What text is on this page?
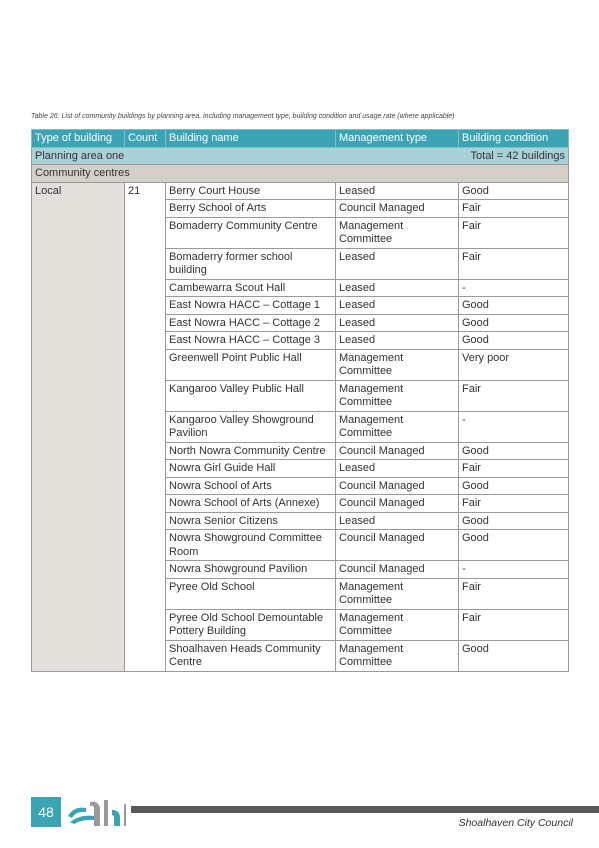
Table 26: List of community buildings by planning area, including management type, building condition and usage rate (where applicable)
Type of building	Count	Building name	Management type	Building condition
Planning area one Total = 42 buildings				

Community centres				
Local	21	Berry Court House	Leased	Good
		Berry School of Arts	Council Managed	Fair
		Bomaderry Community Centre	Management Committee	Fair
		Bomaderry former school building	Leased	Fair
		Cambewarra Scout Hall	Leased	-
		East Nowra HACC – Cottage 1	Leased	Good
		East Nowra HACC – Cottage 2	Leased	Good
		East Nowra HACC – Cottage 3	Leased	Good
		Greenwell Point Public Hall	Management Committee	Very poor
		Kangaroo Valley Public Hall	Management Committee	Fair
		Kangaroo Valley Showground Pavilion	Management Committee	-
		North Nowra Community Centre	Council Managed	Good
		Nowra Girl Guide Hall	Leased	Fair
		Nowra School of Arts	Council Managed	Good
		Nowra School of Arts (Annexe)	Council Managed	Fair
		Nowra Senior Citizens	Leased	Good
		Nowra Showground Committee Room	Council Managed	Good
		Nowra Showground Pavilion	Council Managed	-
		Pyree Old School	Management Committee	Fair
		Pyree Old School Demountable Pottery Building	Management Committee	Fair
		Shoalhaven Heads Community Centre	Management Committee	Good
48
Shoalhaven City Council
